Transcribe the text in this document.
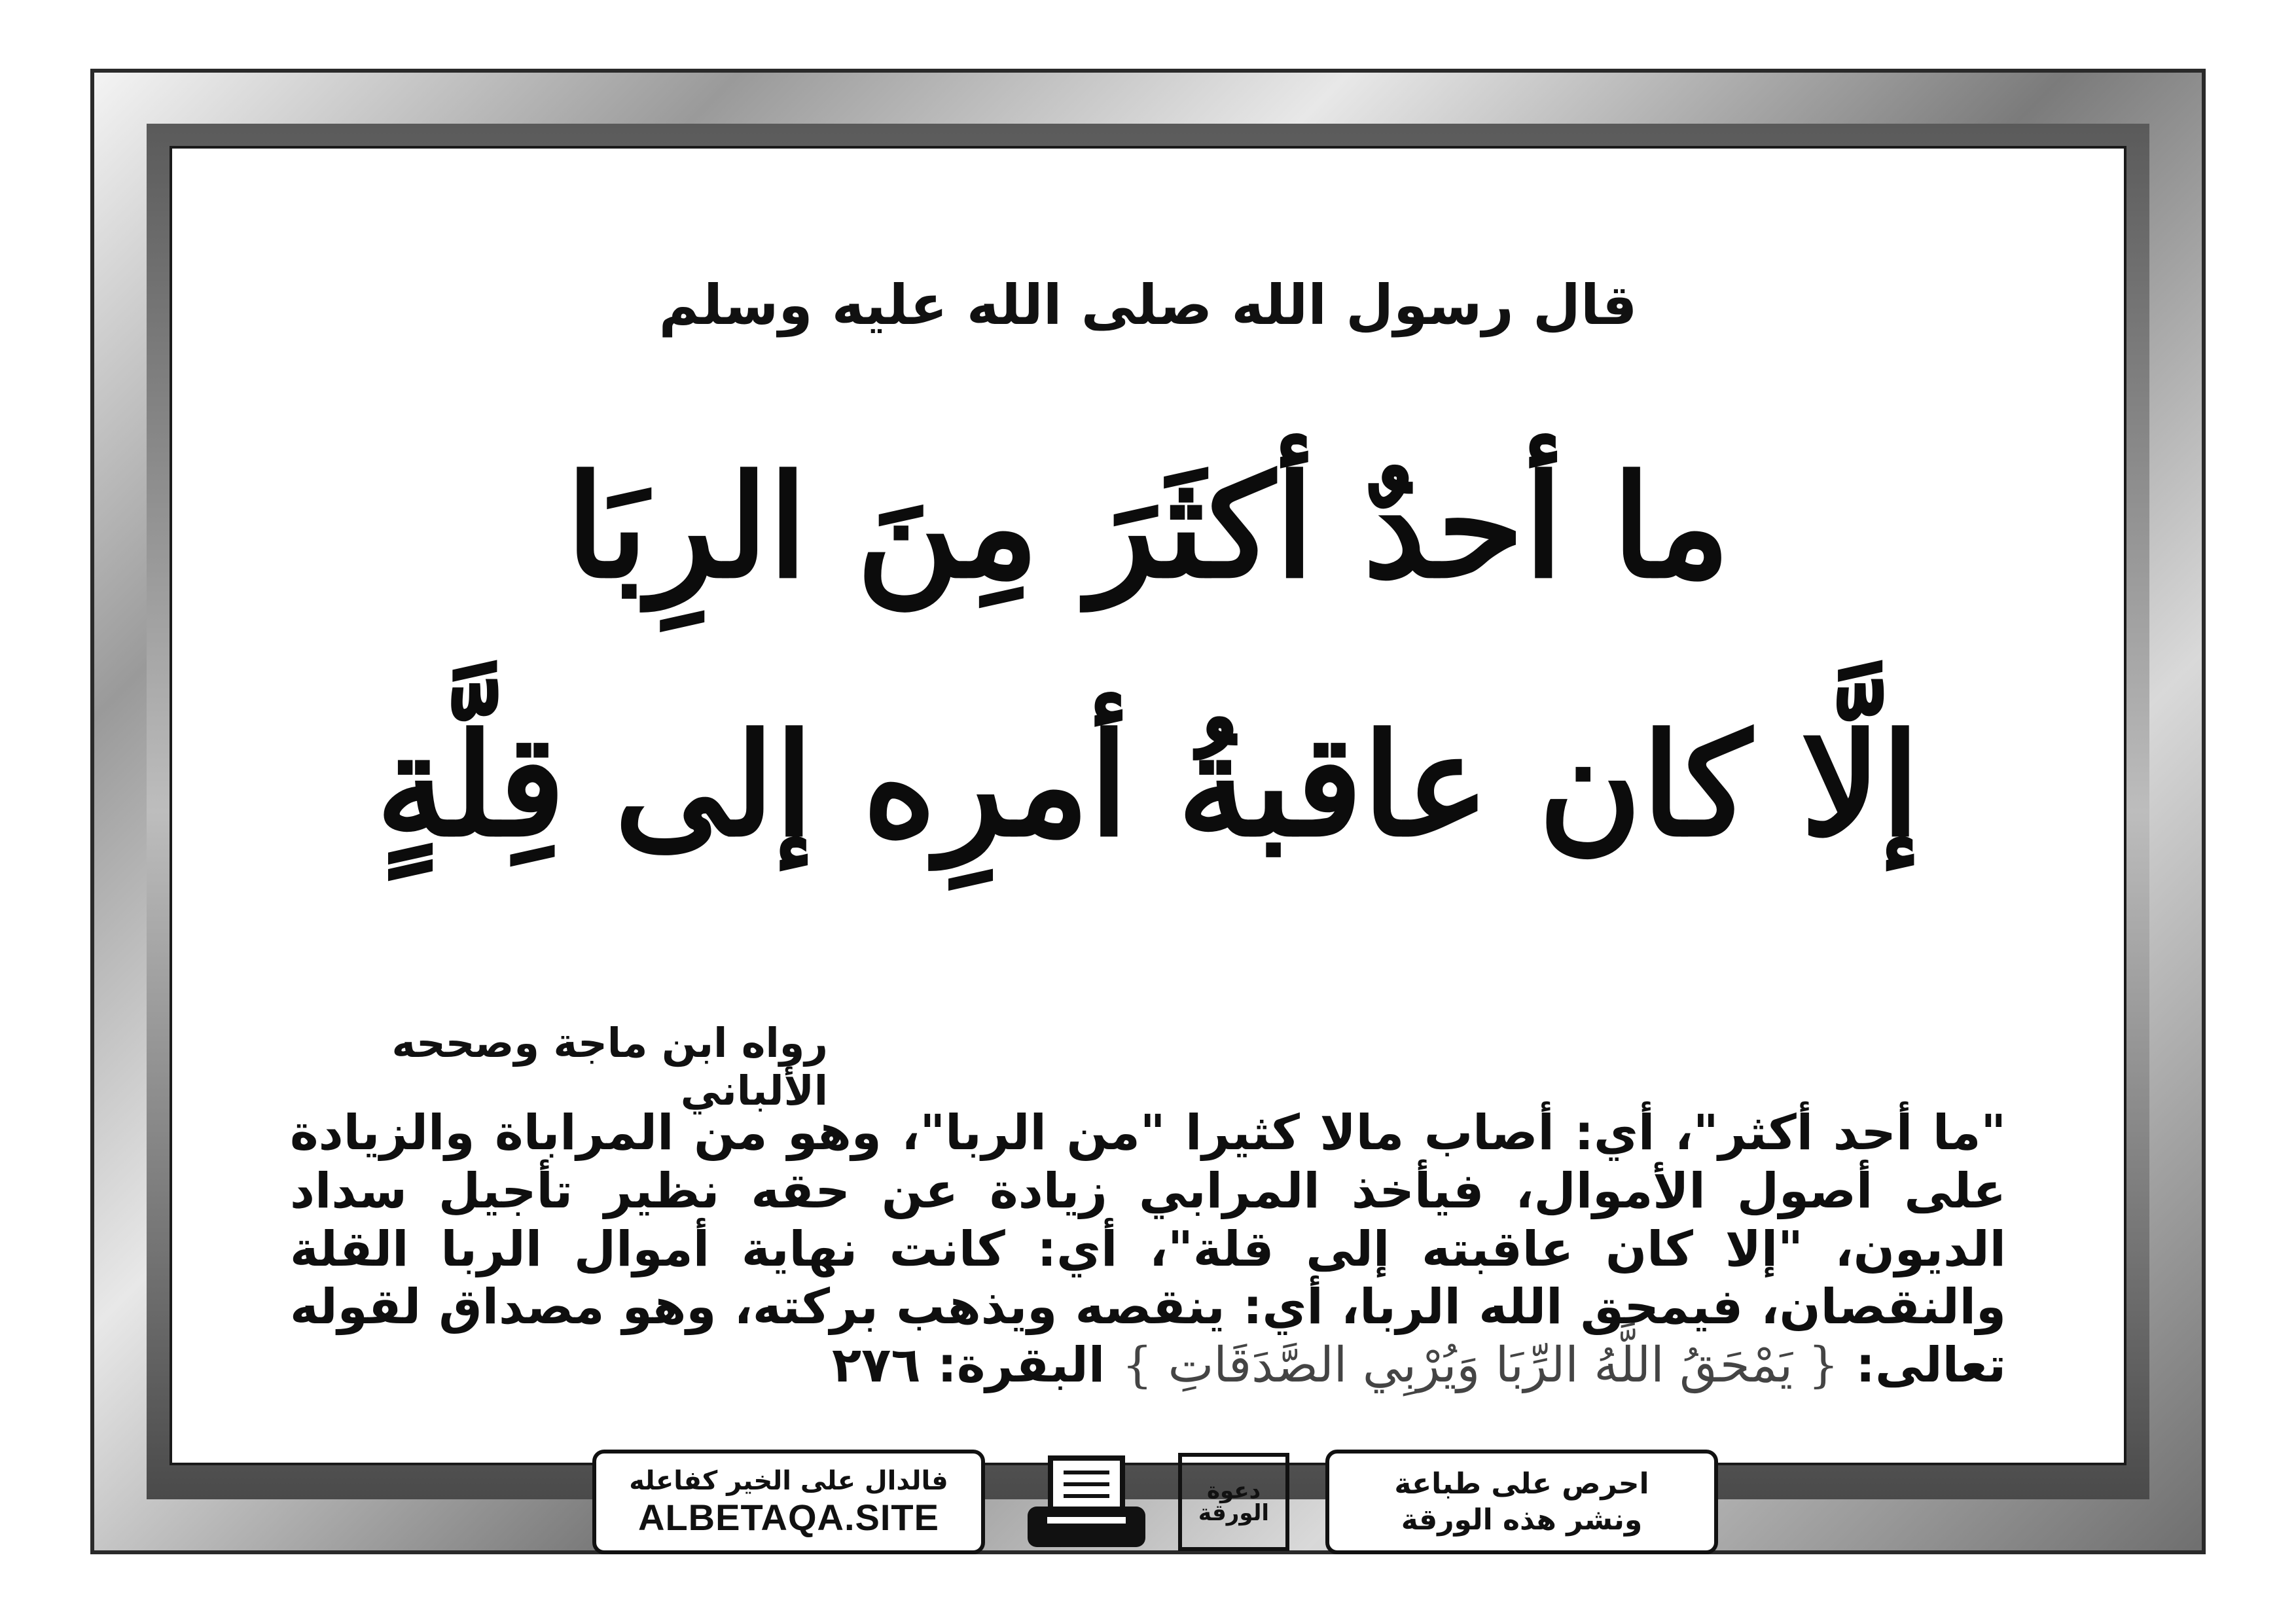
قال رسول الله صلى الله عليه وسلم
ما أحدٌ أكثَرَ مِنَ الرِبَا
إلَّا كان عاقبةُ أمرِه إلى قِلَّةٍ
رواه ابن ماجة وصححه الألباني
"ما أحد أكثر"، أي: أصاب مالا كثيرا "من الربا"، وهو من المراباة والزيادة على أصول الأموال، فيأخذ المرابي زيادة عن حقه نظير تأجيل سداد الديون، "إلا كان عاقبته إلى قلة"، أي: كانت نهاية أموال الربا القلة والنقصان، فيمحق الله الربا، أي: ينقصه ويذهب بركته، وهو مصداق لقوله تعالى: { يَمْحَقُ اللَّهُ الرِّبَا وَيُرْبِي الصَّدَقَاتِ } البقرة: ٢٧٦
فالدال على الخير كفاعله
ALBETAQA.SITE
دعوة الورقة
احرص على طباعة
ونشر هذه الورقة
